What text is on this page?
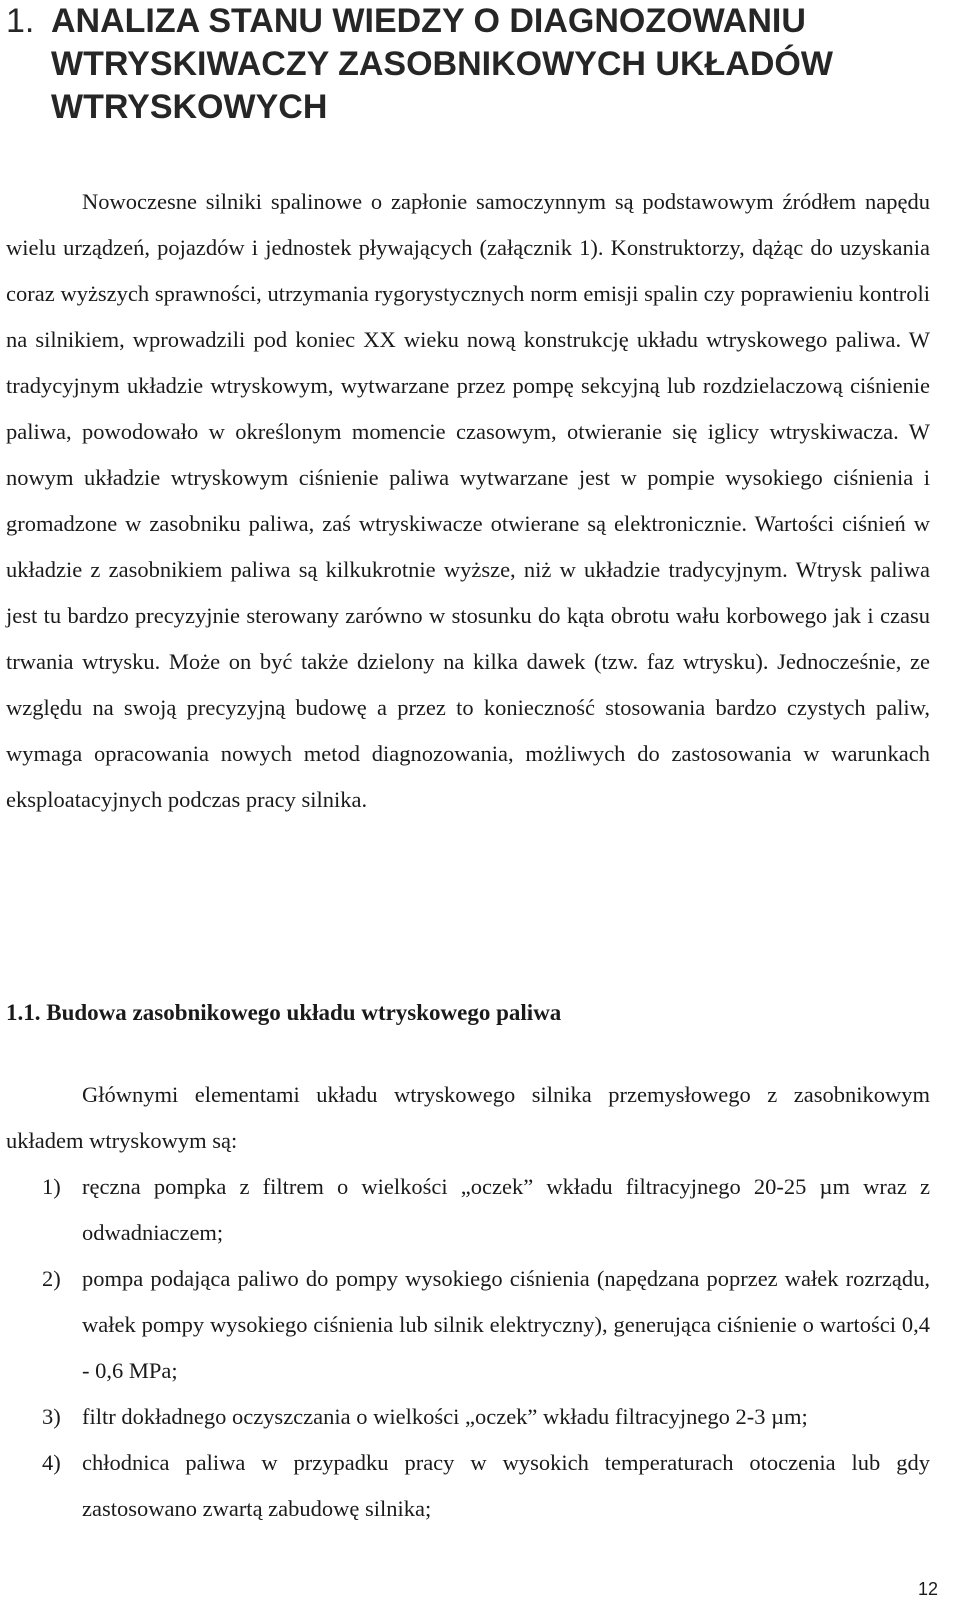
1. ANALIZA STANU WIEDZY O DIAGNOZOWANIU WTRYSKIWACZY ZASOBNIKOWYCH UKŁADÓW WTRYSKOWYCH

Nowoczesne silniki spalinowe o zapłonie samoczynnym są podstawowym źródłem napędu wielu urządzeń, pojazdów i jednostek pływających (załącznik 1). Konstruktorzy, dążąc do uzyskania coraz wyższych sprawności, utrzymania rygorystycznych norm emisji spalin czy poprawieniu kontroli na silnikiem, wprowadzili pod koniec XX wieku nową konstrukcję układu wtryskowego paliwa. W tradycyjnym układzie wtryskowym, wytwarzane przez pompę sekcyjną lub rozdzielaczową ciśnienie paliwa, powodowało w określonym momencie czasowym, otwieranie się iglicy wtryskiwacza. W nowym układzie wtryskowym ciśnienie paliwa wytwarzane jest w pompie wysokiego ciśnienia i gromadzone w zasobniku paliwa, zaś wtryskiwacze otwierane są elektronicznie. Wartości ciśnień w układzie z zasobnikiem paliwa są kilkukrotnie wyższe, niż w układzie tradycyjnym. Wtrysk paliwa jest tu bardzo precyzyjnie sterowany zarówno w stosunku do kąta obrotu wału korbowego jak i czasu trwania wtrysku. Może on być także dzielony na kilka dawek (tzw. faz wtrysku). Jednocześnie, ze względu na swoją precyzyjną budowę a przez to konieczność stosowania bardzo czystych paliw, wymaga opracowania nowych metod diagnozowania, możliwych do zastosowania w warunkach eksploatacyjnych podczas pracy silnika.

1.1. Budowa zasobnikowego układu wtryskowego paliwa

Głównymi elementami układu wtryskowego silnika przemysłowego z zasobnikowym układem wtryskowym są:

1) ręczna pompka z filtrem o wielkości „oczek” wkładu filtracyjnego 20-25 µm wraz z odwadniaczem;
2) pompa podająca paliwo do pompy wysokiego ciśnienia (napędzana poprzez wałek rozrządu, wałek pompy wysokiego ciśnienia lub silnik elektryczny), generująca ciśnienie o wartości 0,4 - 0,6 MPa;
3) filtr dokładnego oczyszczania o wielkości „oczek” wkładu filtracyjnego 2-3 µm;
4) chłodnica paliwa w przypadku pracy w wysokich temperaturach otoczenia lub gdy zastosowano zwartą zabudowę silnika;
12
